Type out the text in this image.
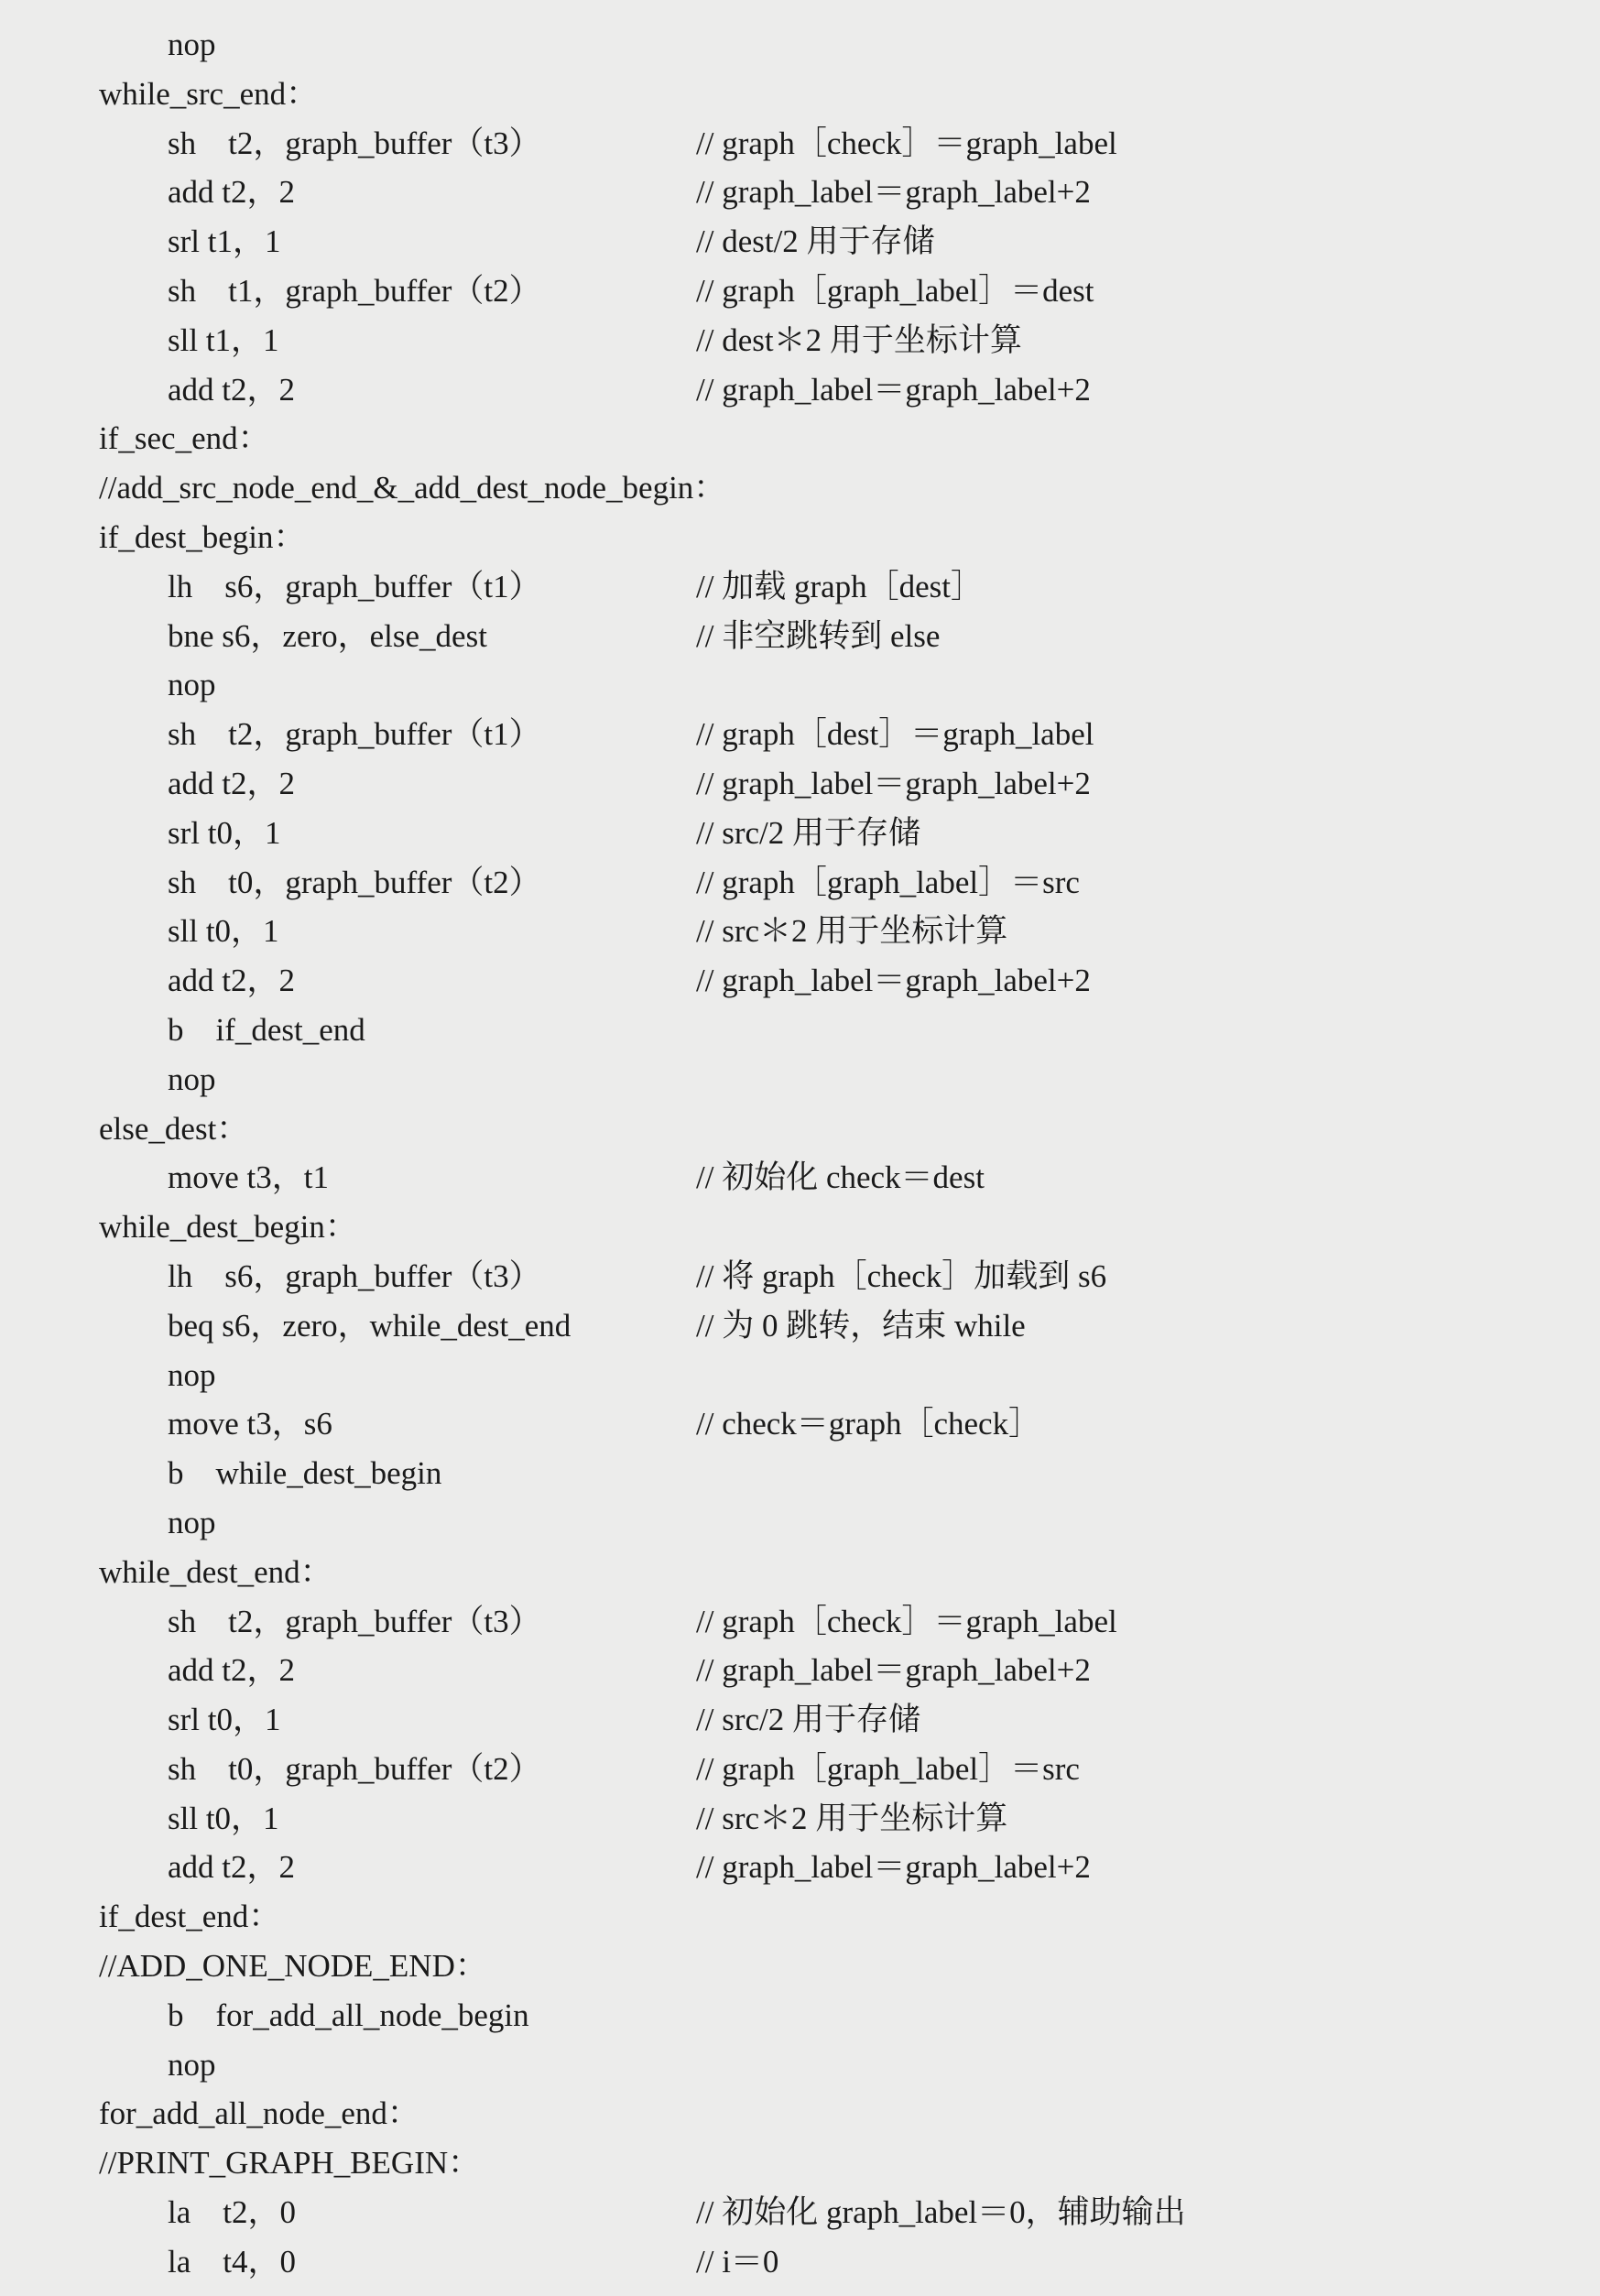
nop
while_src_end：
sh    t2，graph_buffer（t3）	// graph［check］＝graph_label
add t2，2	// graph_label＝graph_label+2
srl t1，1	// dest/2 用于存储
sh    t1，graph_buffer（t2）	// graph［graph_label］＝dest
sll t1，1	// dest＊2 用于坐标计算
add t2，2	// graph_label＝graph_label+2
if_sec_end：
//add_src_node_end_&_add_dest_node_begin：
if_dest_begin：
lh    s6，graph_buffer（t1）	// 加载 graph［dest］
bne s6，zero，else_dest	// 非空跳转到 else
nop
sh    t2，graph_buffer（t1）	// graph［dest］＝graph_label
add t2，2	// graph_label＝graph_label+2
srl t0，1	// src/2 用于存储
sh    t0，graph_buffer（t2）	// graph［graph_label］＝src
sll t0，1	// src＊2 用于坐标计算
add t2，2	// graph_label＝graph_label+2
b    if_dest_end
nop
else_dest：
move t3，t1	// 初始化 check＝dest
while_dest_begin：
lh    s6，graph_buffer（t3）	// 将 graph［check］加载到 s6
beq s6，zero，while_dest_end	// 为 0 跳转，结束 while
nop
move t3，s6	// check＝graph［check］
b    while_dest_begin
nop
while_dest_end：
sh    t2，graph_buffer（t3）	// graph［check］＝graph_label
add t2，2	// graph_label＝graph_label+2
srl t0，1	// src/2 用于存储
sh    t0，graph_buffer（t2）	// graph［graph_label］＝src
sll t0，1	// src＊2 用于坐标计算
add t2，2	// graph_label＝graph_label+2
if_dest_end：
//ADD_ONE_NODE_END：
b    for_add_all_node_begin
nop
for_add_all_node_end：
//PRINT_GRAPH_BEGIN：
la    t2，0	// 初始化 graph_label＝0，辅助输出
la    t4，0	// i＝0
